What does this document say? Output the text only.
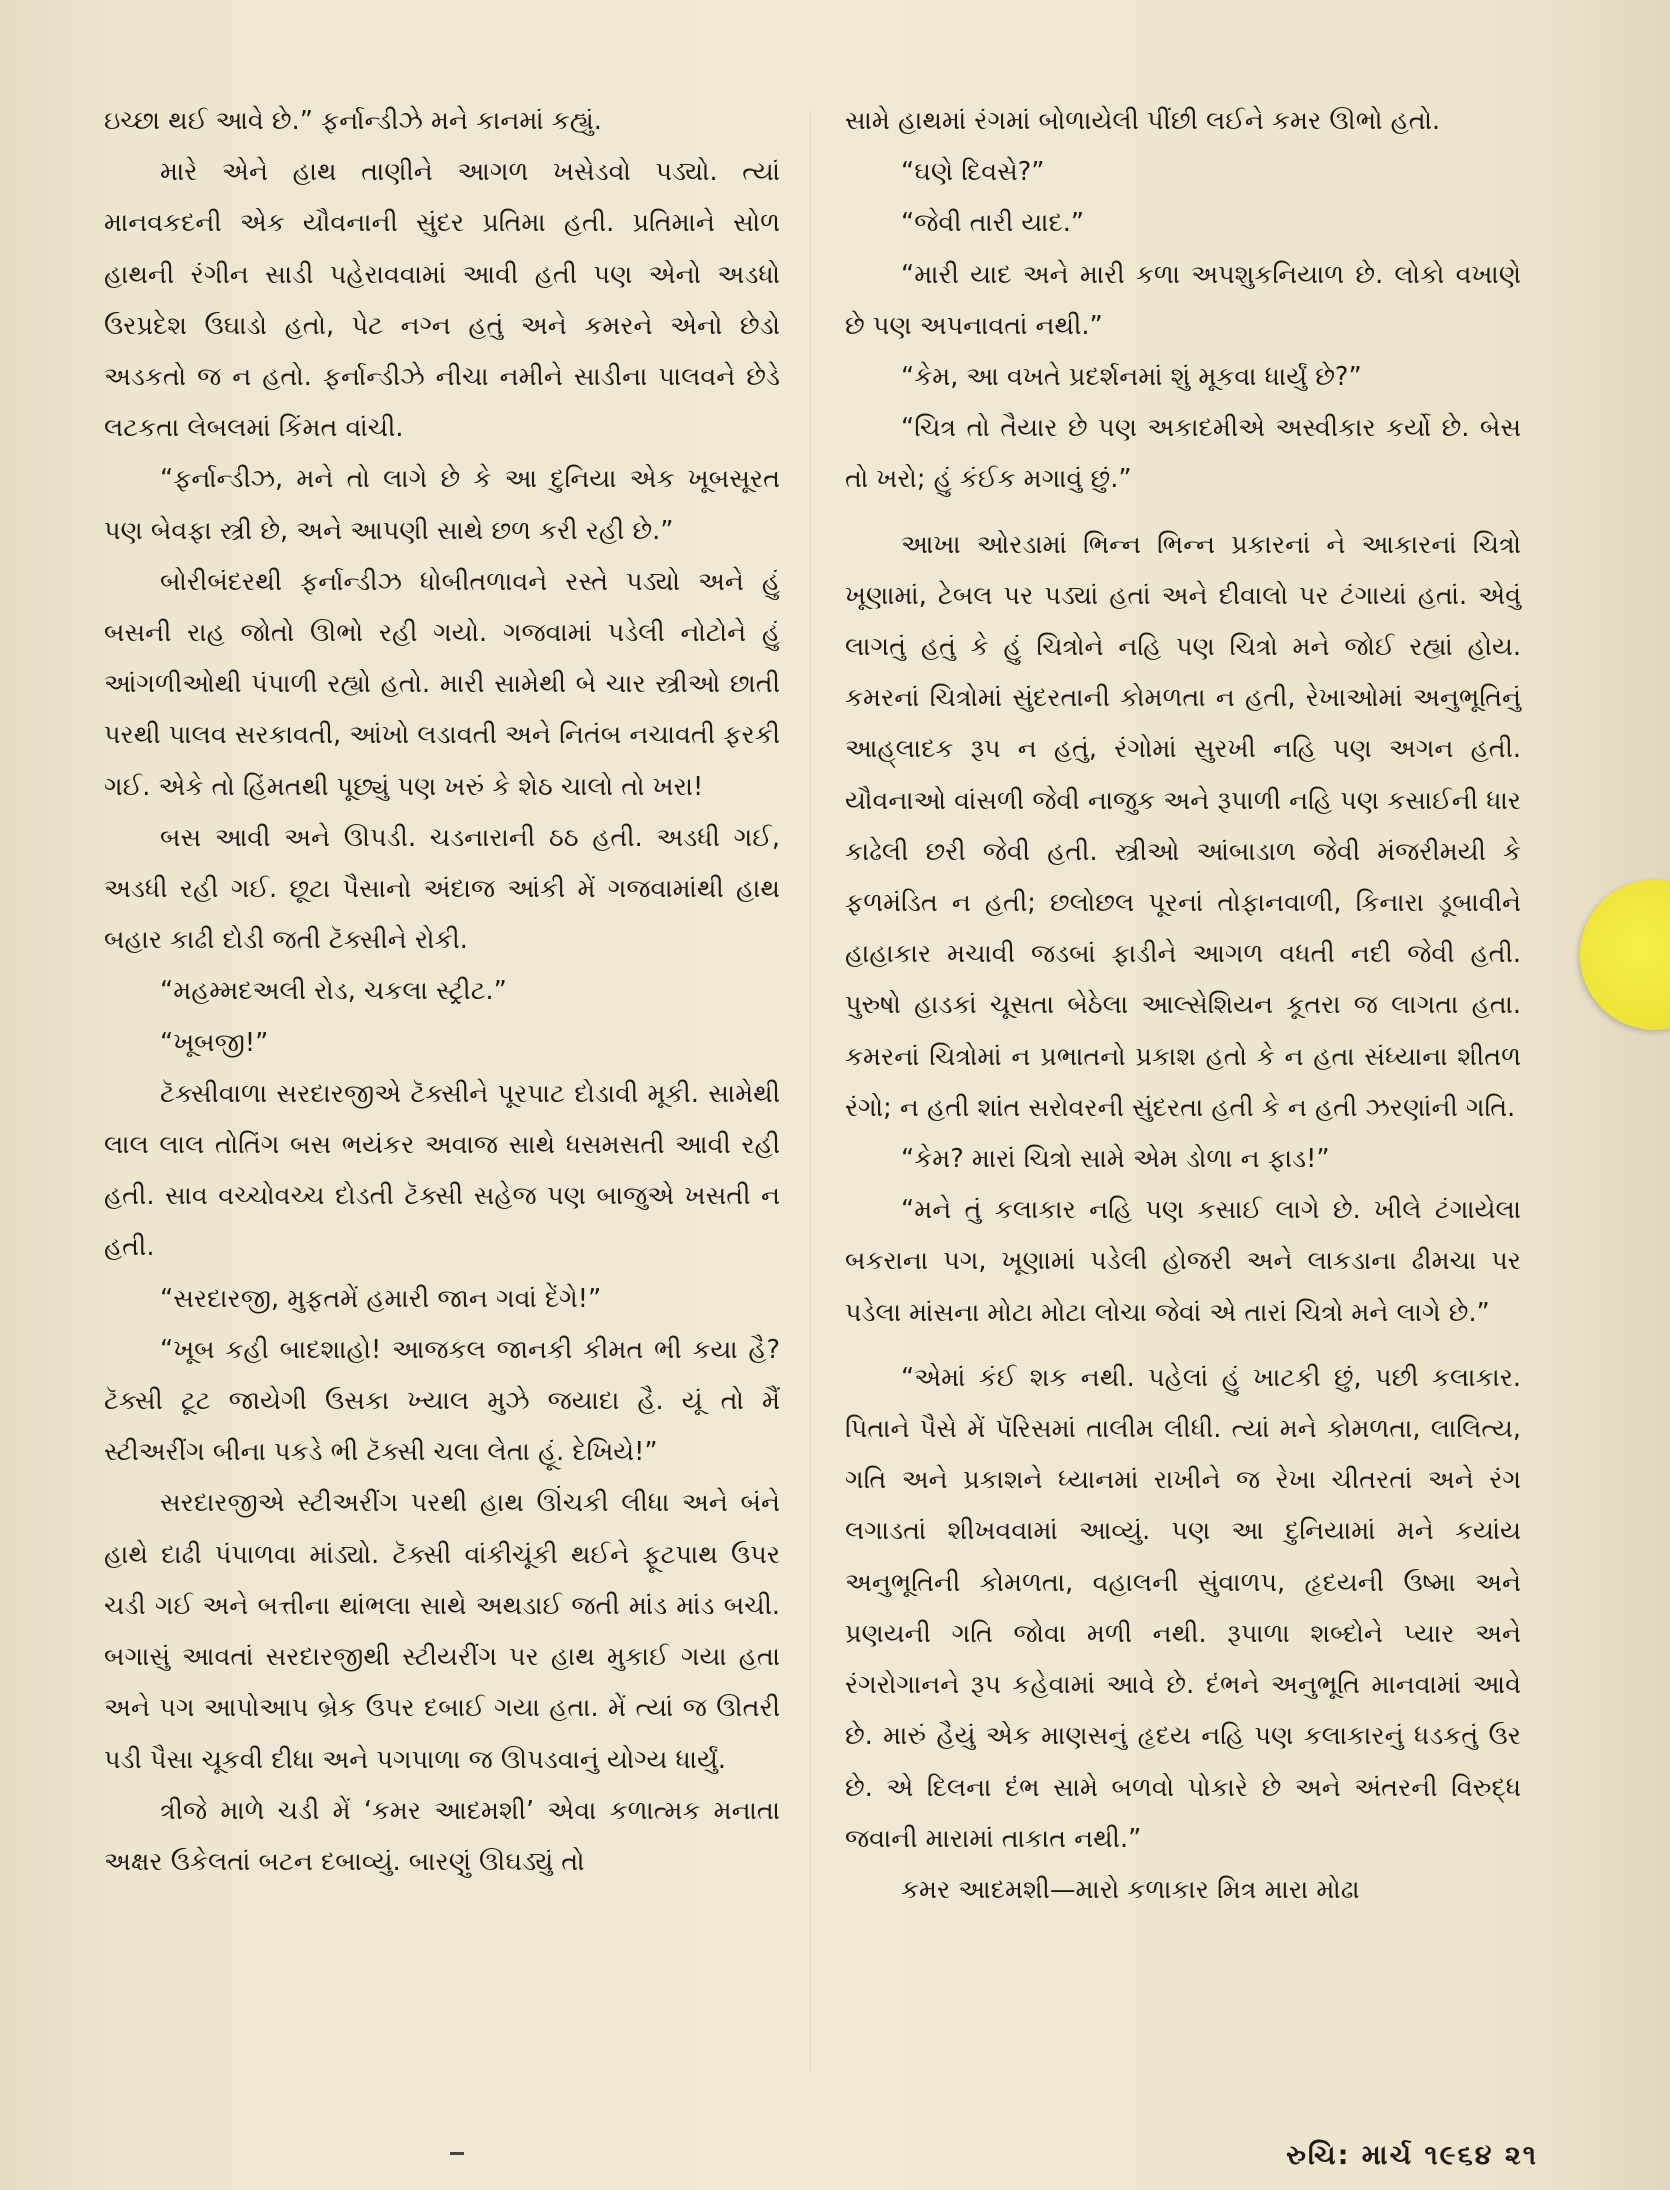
ઇચ્છા થઈ આવે છે.” ફર્નાન્ડીઝે મને કાનમાં કહ્યું.

મારે એને હાથ તાણીને આગળ ખસેડવો પડ્યો. ત્યાં માનવકદની એક યૌવનાની સુંદર પ્રતિમા હતી. પ્રતિમાને સોળ હાથની રંગીન સાડી પહેરાવવામાં આવી હતી પણ એનો અડધો ઉરપ્રદેશ ઉઘાડો હતો, પેટ નગ્ન હતું અને કમરને એનો છેડો અડકતો જ ન હતો. ફર્નાન્ડીઝે નીચા નમીને સાડીના પાલવને છેડે લટકતા લેબલમાં કિંમત વાંચી.

“ફર્નાન્ડીઝ, મને તો લાગે છે કે આ દુનિયા એક ખૂબસૂરત પણ બેવફા સ્ત્રી છે, અને આપણી સાથે છળ કરી રહી છે.”

બોરીબંદરથી ફર્નાન્ડીઝ ધોબીતળાવને રસ્તે પડ્યો અને હું બસની રાહ જોતો ઊભો રહી ગયો. ગજવામાં પડેલી નોટોને હું આંગળીઓથી પંપાળી રહ્યો હતો. મારી સામેથી બે ચાર સ્ત્રીઓ છાતી પરથી પાલવ સરકાવતી, આંખો લડાવતી અને નિતંબ નચાવતી ફરકી ગઈ. એકે તો હિંમતથી પૂછ્યું પણ ખરું કે શેઠ ચાલો તો ખરા!

બસ આવી અને ઊપડી. ચડનારાની ઠઠ હતી. અડધી ગઈ, અડધી રહી ગઈ. છૂટા પૈસાનો અંદાજ આંકી મેં ગજવામાંથી હાથ બહાર કાઢી દોડી જતી ટૅક્સીને રોકી.

“મહમ્મદઅલી રોડ, ચકલા સ્ટ્રીટ.”

“ખૂબજી!”

ટૅક્સીવાળા સરદારજીએ ટૅક્સીને પૂરપાટ દોડાવી મૂકી. સામેથી લાલ લાલ તોતિંગ બસ ભયંકર અવાજ સાથે ધસમસતી આવી રહી હતી. સાવ વચ્ચોવચ્ચ દોડતી ટૅક્સી સહેજ પણ બાજુએ ખસતી ન હતી.

“સરદારજી, મુફતમેં હમારી જાન ગવાં દેંગે!”

“ખૂબ કહી બાદશાહો! આજકલ જાનકી કીમત ભી કયા હૈ? ટૅક્સી ટૂટ જાયેગી ઉસકા ખ્યાલ મુઝે જયાદા હૈ. યૂં તો મૈં સ્ટીઅરીંગ બીના પકડે ભી ટૅક્સી ચલા લેતા હૂં. દેખિયે!”

સરદારજીએ સ્ટીઅરીંગ પરથી હાથ ઊંચકી લીધા અને બંને હાથે દાઢી પંપાળવા માંડ્યો. ટૅક્સી વાંકીચૂંકી થઈને ફૂટપાથ ઉપર ચડી ગઈ અને બત્તીના થાંભલા સાથે અથડાઈ જતી માંડ માંડ બચી. બગાસું આવતાં સરદારજીથી સ્ટીયરીંગ પર હાથ મુકાઈ ગયા હતા અને પગ આપોઆપ બ્રેક ઉપર દબાઈ ગયા હતા. મેં ત્યાં જ ઊતરી પડી પૈસા ચૂકવી દીધા અને પગપાળા જ ઊપડવાનું યોગ્ય ધાર્યું.

ત્રીજે માળે ચડી મેં ‘કમર આદમશી’ એવા કળાત્મક મનાતા અક્ષર ઉકેલતાં બટન દબાવ્યું. બારણું ઊઘડ્યું તો

સામે હાથમાં રંગમાં બોળાયેલી પીંછી લઈને કમર ઊભો હતો.

“ઘણે દિવસે?”

“જેવી તારી યાદ.”

“મારી યાદ અને મારી કળા અપશુકનિયાળ છે. લોકો વખાણે છે પણ અપનાવતાં નથી.”

“કેમ, આ વખતે પ્રદર્શનમાં શું મૂકવા ધાર્યું છે?”

“ચિત્ર તો તૈયાર છે પણ અકાદમીએ અસ્વીકાર કર્યો છે. બેસ તો ખરો; હું કંઈક મગાવું છું.”

આખા ઓરડામાં ભિન્ન ભિન્ન પ્રકારનાં ને આકારનાં ચિત્રો ખૂણામાં, ટેબલ પર પડ્યાં હતાં અને દીવાલો પર ટંગાયાં હતાં. એવું લાગતું હતું કે હું ચિત્રોને નહિ પણ ચિત્રો મને જોઈ રહ્યાં હોય. કમરનાં ચિત્રોમાં સુંદરતાની કોમળતા ન હતી, રેખાઓમાં અનુભૂતિનું આહ્‌લાદક રૂપ ન હતું, રંગોમાં સુરખી નહિ પણ અગન હતી. યૌવનાઓ વાંસળી જેવી નાજુક અને રૂપાળી નહિ પણ કસાઈની ધાર કાઢેલી છરી જેવી હતી. સ્ત્રીઓ આંબાડાળ જેવી મંજરીમયી કે ફળમંડિત ન હતી; છલોછલ પૂરનાં તોફાનવાળી, કિનારા ડૂબાવીને હાહાકાર મચાવી જડબાં ફાડીને આગળ વધતી નદી જેવી હતી. પુરુષો હાડકાં ચૂસતા બેઠેલા આલ્સેશિયન કૂતરા જ લાગતા હતા. કમરનાં ચિત્રોમાં ન પ્રભાતનો પ્રકાશ હતો કે ન હતા સંધ્યાના શીતળ રંગો; ન હતી શાંત સરોવરની સુંદરતા હતી કે ન હતી ઝરણાંની ગતિ.

“કેમ? મારાં ચિત્રો સામે એમ ડોળા ન ફાડ!”

“મને તું કલાકાર નહિ પણ કસાઈ લાગે છે. ખીલે ટંગાયેલા બકરાના પગ, ખૂણામાં પડેલી હોજરી અને લાકડાના ઢીમચા પર પડેલા માંસના મોટા મોટા લોચા જેવાં એ તારાં ચિત્રો મને લાગે છે.”

“એમાં કંઈ શક નથી. પહેલાં હું ખાટકી છું, પછી કલાકાર. પિતાને પૈસે મેં પૅરિસમાં તાલીમ લીધી. ત્યાં મને કોમળતા, લાલિત્ય, ગતિ અને પ્રકાશને ધ્યાનમાં રાખીને જ રેખા ચીતરતાં અને રંગ લગાડતાં શીખવવામાં આવ્યું. પણ આ દુનિયામાં મને કયાંય અનુભૂતિની કોમળતા, વહાલની સુંવાળપ, હૃદયની ઉષ્મા અને પ્રણયની ગતિ જોવા મળી નથી. રૂપાળા શબ્દોને પ્યાર અને રંગરોગાનને રૂપ કહેવામાં આવે છે. દંભને અનુભૂતિ માનવામાં આવે છે. મારું હૈયું એક માણસનું હૃદય નહિ પણ કલાકારનું ધડકતું ઉર છે. એ દિલના દંભ સામે બળવો પોકારે છે અને અંતરની વિરુદ્ધ જવાની મારામાં તાકાત નથી.”

કમર આદમશી—મારો કળાકાર મિત્ર મારા મોઢા

રુચિ: માર્ચ ૧૯૬૪ ૨૧
